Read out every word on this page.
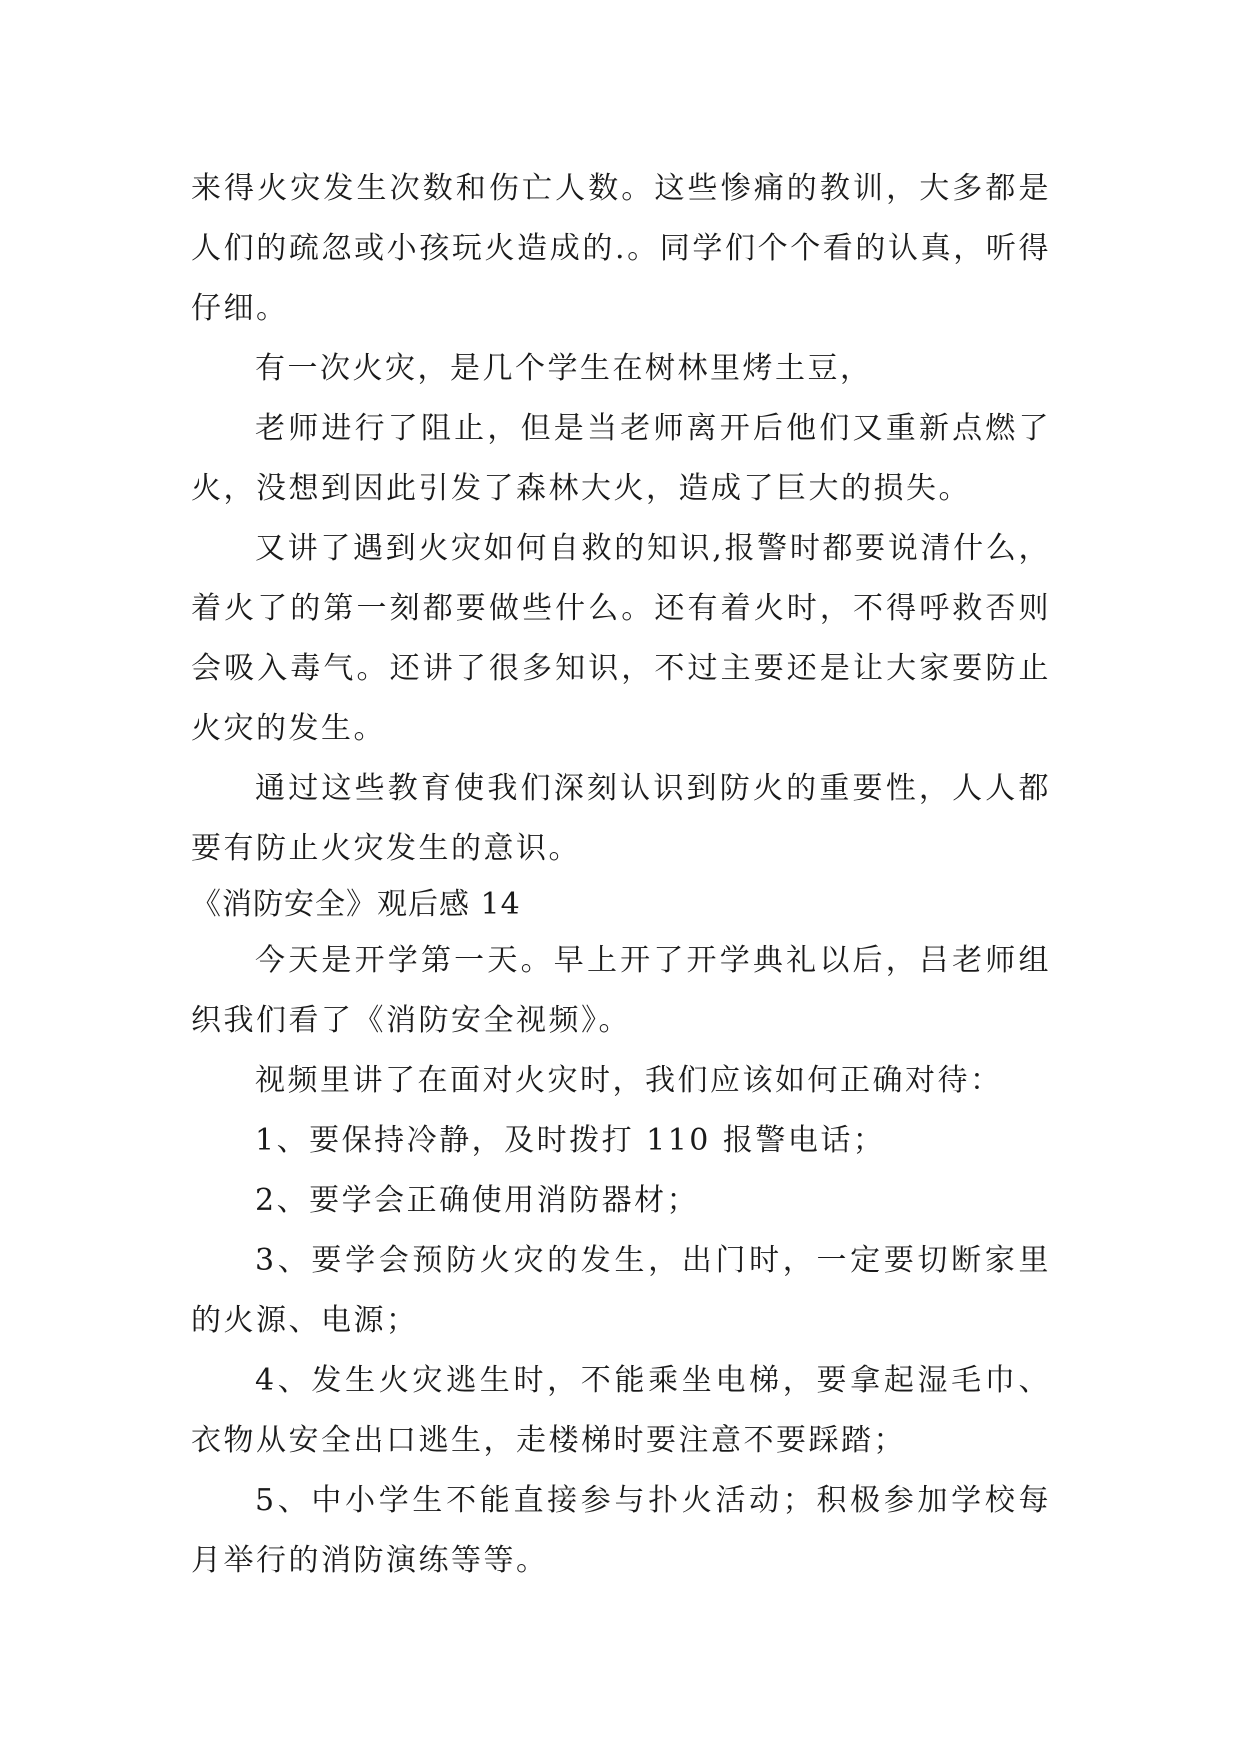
来得火灾发生次数和伤亡人数。这些惨痛的教训，大多都是人们的疏忽或小孩玩火造成的.。同学们个个看的认真，听得仔细。

有一次火灾，是几个学生在树林里烤土豆，

老师进行了阻止，但是当老师离开后他们又重新点燃了火，没想到因此引发了森林大火，造成了巨大的损失。

又讲了遇到火灾如何自救的知识,报警时都要说清什么，着火了的第一刻都要做些什么。还有着火时，不得呼救否则会吸入毒气。还讲了很多知识，不过主要还是让大家要防止火灾的发生。

通过这些教育使我们深刻认识到防火的重要性，人人都要有防止火灾发生的意识。

《消防安全》观后感 14

今天是开学第一天。早上开了开学典礼以后，吕老师组织我们看了《消防安全视频》。

视频里讲了在面对火灾时，我们应该如何正确对待：

1、要保持冷静，及时拨打 110 报警电话；

2、要学会正确使用消防器材；

3、要学会预防火灾的发生，出门时，一定要切断家里的火源、电源；

4、发生火灾逃生时，不能乘坐电梯，要拿起湿毛巾、衣物从安全出口逃生，走楼梯时要注意不要踩踏；

5、中小学生不能直接参与扑火活动；积极参加学校每月举行的消防演练等等。
